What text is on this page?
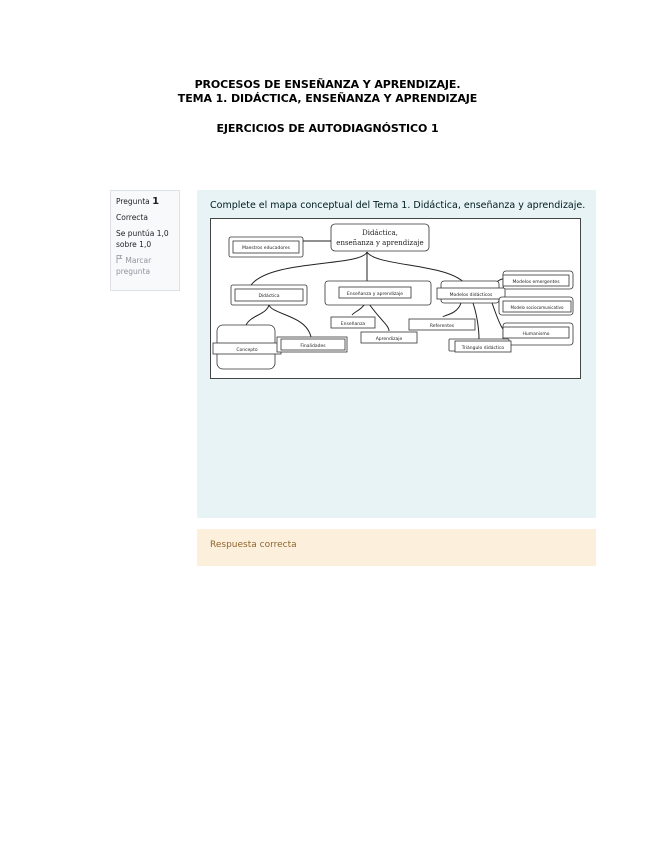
PROCESOS DE ENSEÑANZA Y APRENDIZAJE.
TEMA 1. DIDÁCTICA, ENSEÑANZA Y APRENDIZAJE
EJERCICIOS DE AUTODIAGNÓSTICO 1
Pregunta 1
Correcta
Se puntúa 1,0
sobre 1,0
Marcar
pregunta
Complete el mapa conceptual del Tema 1. Didáctica, enseñanza y aprendizaje.
Didáctica,
enseñanza y aprendizaje
Maestros educadores
Didáctica	Enseñanza y aprendizaje	Modelos didácticos
Modelos emergentes
Modelo sociocomunicativo
Humanismo
Enseñanza	Referentes
Aprendizaje
Triángulo didáctico
Concepto
Finalidades
Respuesta correcta
